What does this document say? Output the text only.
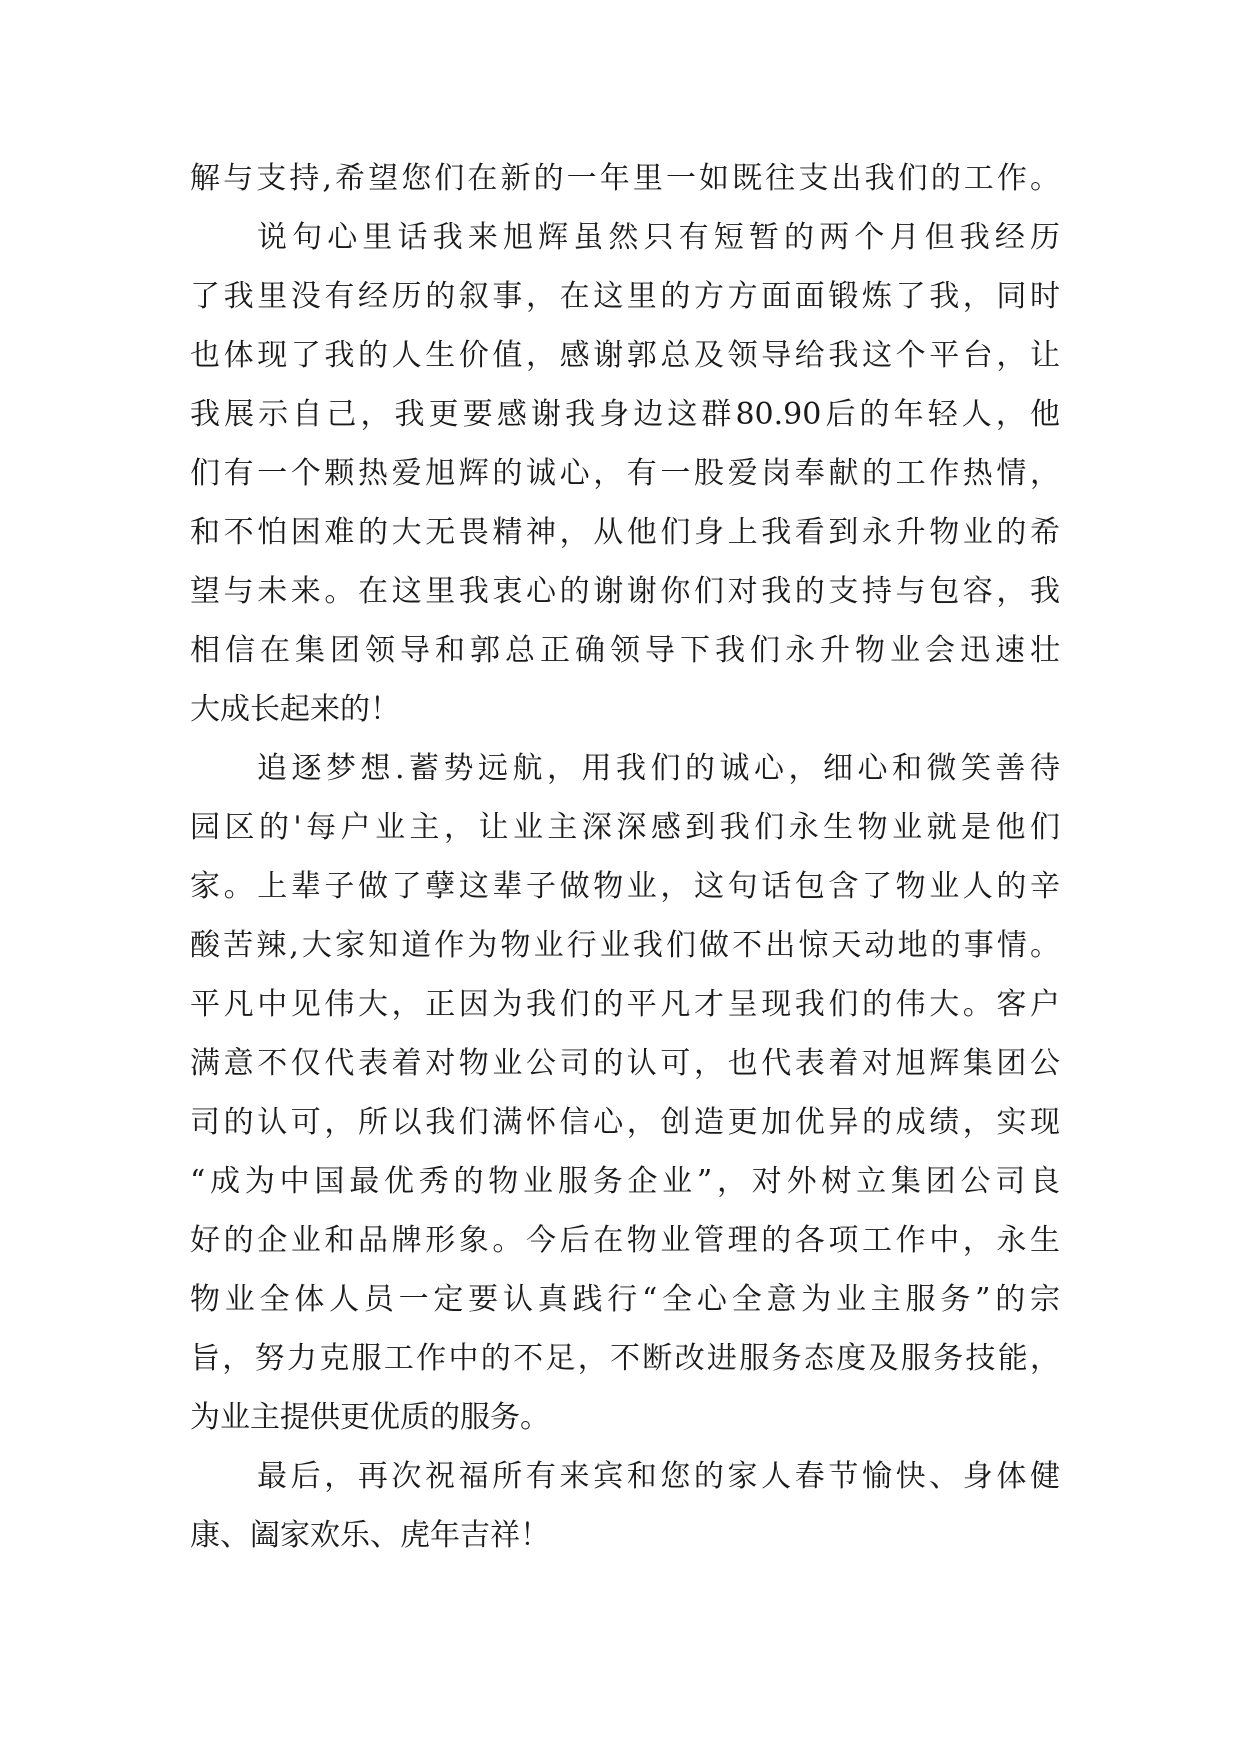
解与支持,希望您们在新的一年里一如既往支出我们的工作。
说句心里话我来旭辉虽然只有短暂的两个月但我经历
了我里没有经历的叙事，在这里的方方面面锻炼了我，同时
也体现了我的人生价值，感谢郭总及领导给我这个平台，让
我展示自己，我更要感谢我身边这群80.90后的年轻人，他
们有一个颗热爱旭辉的诚心，有一股爱岗奉献的工作热情，
和不怕困难的大无畏精神，从他们身上我看到永升物业的希
望与未来。在这里我衷心的谢谢你们对我的支持与包容，我
相信在集团领导和郭总正确领导下我们永升物业会迅速壮
大成长起来的！
追逐梦想.蓄势远航，用我们的诚心，细心和微笑善待
园区的'每户业主，让业主深深感到我们永生物业就是他们
家。上辈子做了孽这辈子做物业，这句话包含了物业人的辛
酸苦辣,大家知道作为物业行业我们做不出惊天动地的事情。
平凡中见伟大，正因为我们的平凡才呈现我们的伟大。客户
满意不仅代表着对物业公司的认可，也代表着对旭辉集团公
司的认可，所以我们满怀信心，创造更加优异的成绩，实现
“成为中国最优秀的物业服务企业”，对外树立集团公司良
好的企业和品牌形象。今后在物业管理的各项工作中，永生
物业全体人员一定要认真践行“全心全意为业主服务”的宗
旨，努力克服工作中的不足，不断改进服务态度及服务技能，
为业主提供更优质的服务。
最后，再次祝福所有来宾和您的家人春节愉快、身体健
康、阖家欢乐、虎年吉祥！
